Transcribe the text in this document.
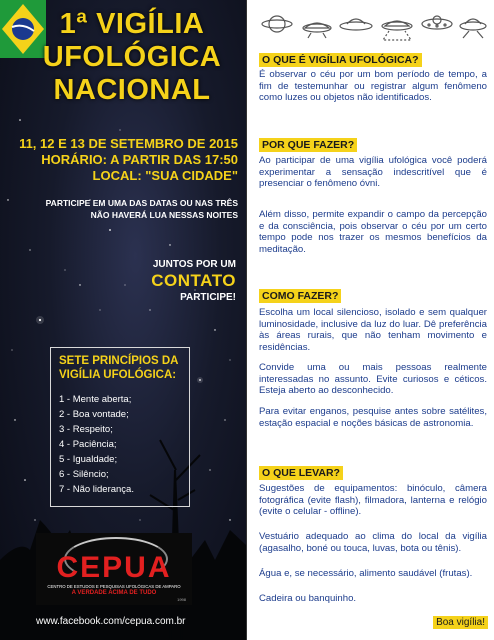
1ª VIGÍLIA
UFOLÓGICA
NACIONAL
11, 12 E 13 DE SETEMBRO DE 2015
HORÁRIO: A PARTIR DAS 17:50
LOCAL: "SUA CIDADE"
PARTICIPE EM UMA DAS DATAS OU NAS TRÊS
NÃO HAVERÁ LUA NESSAS NOITES
JUNTOS POR UM
CONTATO
PARTICIPE!
SETE PRINCÍPIOS DA
VIGÍLIA UFOLÓGICA:
1 - Mente aberta;
2 - Boa vontade;
3 - Respeito;
4 - Paciência;
5 - Igualdade;
6 - Silêncio;
7 - Não liderança.
CEPUA
CENTRO DE ESTUDOS E PESQUISAS UFOLÓGICAS DE AMPARO
A VERDADE ACIMA DE TUDO
1998
www.facebook.com/cepua.com.br
O QUE É VIGÍLIA UFOLÓGICA?
É observar o céu por um bom período de tempo, a fim de testemunhar ou registrar algum fenômeno como luzes ou objetos não identificados.
POR QUE FAZER?
Ao participar de uma vigília ufológica você poderá experimentar a sensação indescritível que é presenciar o fenômeno óvni.
Além disso, permite expandir o campo da percepção e da consciência, pois observar o céu por um certo tempo pode nos trazer os mesmos benefícios da meditação.
COMO FAZER?
Escolha um local silencioso, isolado e sem qualquer luminosidade, inclusive da luz do luar. Dê preferência às áreas rurais, que não tenham movimento e residências.
Convide uma ou mais pessoas realmente interessadas no assunto. Evite curiosos e céticos. Esteja aberto ao desconhecido.
Para evitar enganos, pesquise antes sobre satélites, estação espacial e noções básicas de astronomia.
O QUE LEVAR?
Sugestões de equipamentos: binóculo, câmera fotográfica (evite flash), filmadora, lanterna e relógio (evite o celular - offline).
Vestuário adequado ao clima do local da vigília (agasalho, boné ou touca, luvas, bota ou tênis).
Água e, se necessário, alimento saudável (frutas).
Cadeira ou banquinho.
Boa vigília!
